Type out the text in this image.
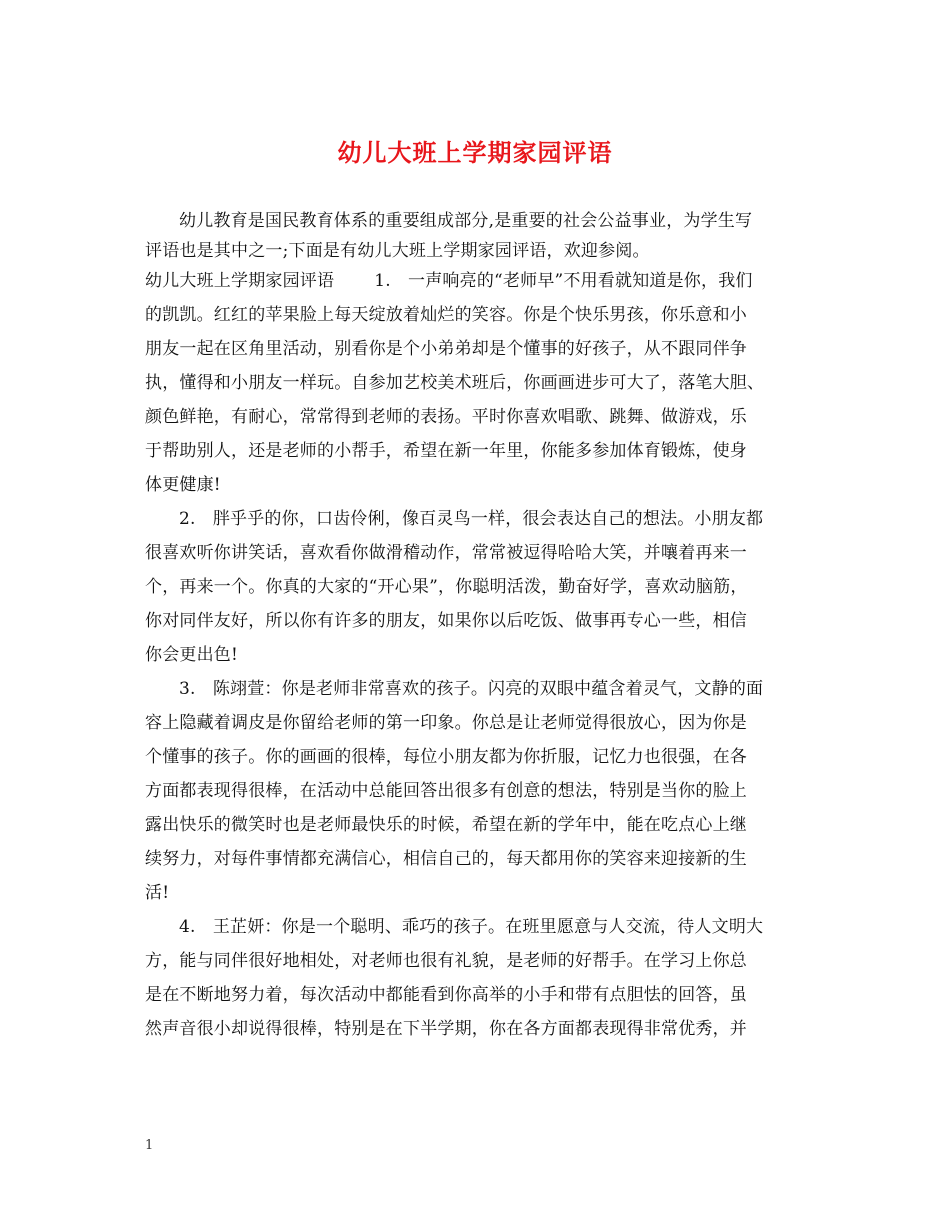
幼儿大班上学期家园评语
幼儿教育是国民教育体系的重要组成部分,是重要的社会公益事业，为学生写
评语也是其中之一;下面是有幼儿大班上学期家园评语，欢迎参阅。
幼儿大班上学期家园评语　　 1.　一声响亮的“老师早”不用看就知道是你，我们
的凯凯。红红的苹果脸上每天绽放着灿烂的笑容。你是个快乐男孩，你乐意和小
朋友一起在区角里活动，别看你是个小弟弟却是个懂事的好孩子，从不跟同伴争
执，懂得和小朋友一样玩。自参加艺校美术班后，你画画进步可大了，落笔大胆、
颜色鲜艳，有耐心，常常得到老师的表扬。平时你喜欢唱歌、跳舞、做游戏，乐
于帮助别人，还是老师的小帮手，希望在新一年里，你能多参加体育锻炼，使身
体更健康!
2.　胖乎乎的你，口齿伶俐，像百灵鸟一样，很会表达自己的想法。小朋友都
很喜欢听你讲笑话，喜欢看你做滑稽动作，常常被逗得哈哈大笑，并嚷着再来一
个，再来一个。你真的大家的“开心果”，你聪明活泼，勤奋好学，喜欢动脑筋，
你对同伴友好，所以你有许多的朋友，如果你以后吃饭、做事再专心一些，相信
你会更出色!
3.　陈翊萱：你是老师非常喜欢的孩子。闪亮的双眼中蕴含着灵气，文静的面
容上隐藏着调皮是你留给老师的第一印象。你总是让老师觉得很放心，因为你是
个懂事的孩子。你的画画的很棒，每位小朋友都为你折服，记忆力也很强，在各
方面都表现得很棒，在活动中总能回答出很多有创意的想法，特别是当你的脸上
露出快乐的微笑时也是老师最快乐的时候，希望在新的学年中，能在吃点心上继
续努力，对每件事情都充满信心，相信自己的，每天都用你的笑容来迎接新的生
活!
4.　王芷妍：你是一个聪明、乖巧的孩子。在班里愿意与人交流，待人文明大
方，能与同伴很好地相处，对老师也很有礼貌，是老师的好帮手。在学习上你总
是在不断地努力着，每次活动中都能看到你高举的小手和带有点胆怯的回答，虽
然声音很小却说得很棒，特别是在下半学期，你在各方面都表现得非常优秀，并
1
